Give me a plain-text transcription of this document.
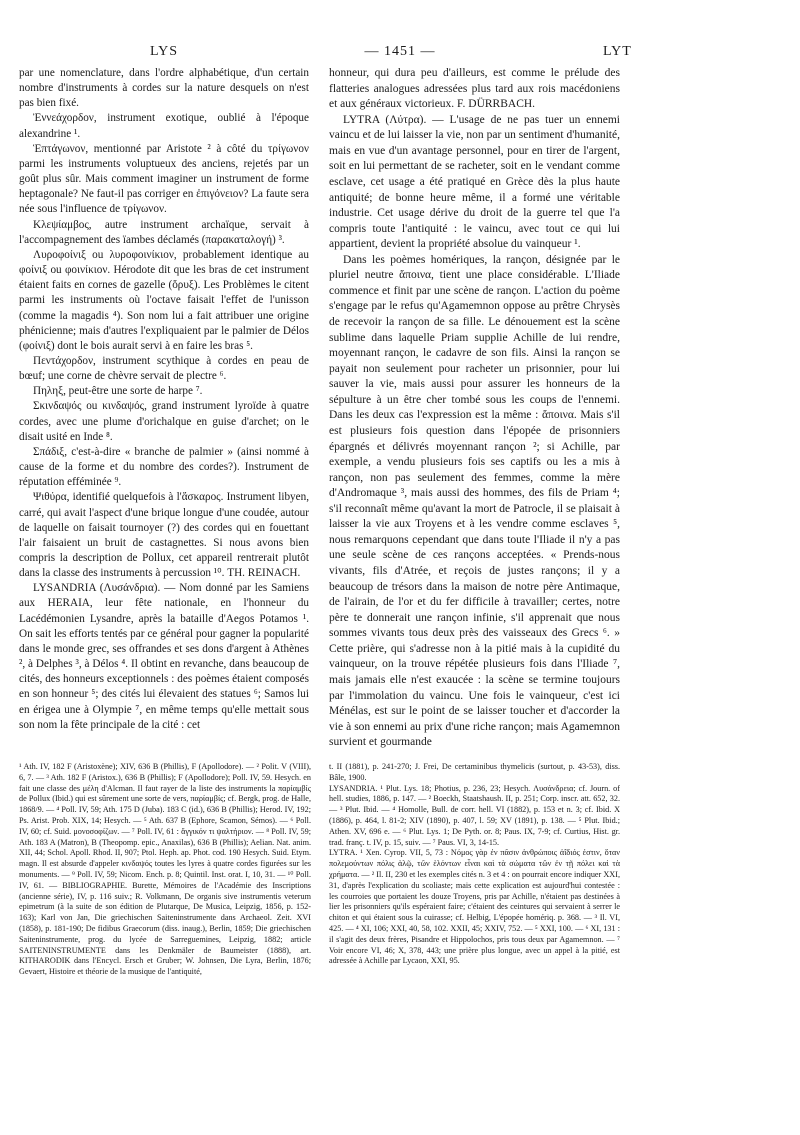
LYS	— 1451 —	LYT

par une nomenclature, dans l'ordre alphabétique, d'un certain nombre d'instruments à cordes sur la nature desquels on n'est pas bien fixé.

Ἐννεάχορδον, instrument exotique, oublié à l'époque alexandrine ¹.

Ἑπτάγωνον, mentionné par Aristote ² à côté du τρίγωνον parmi les instruments voluptueux des anciens, rejetés par un goût plus sûr. Mais comment imaginer un instrument de forme heptagonale? Ne faut-il pas corriger en ἐπιγόνειον? La faute sera née sous l'influence de τρίγωνον.

Κλεψίαμβος, autre instrument archaïque, servait à l'accompagnement des ïambes déclamés (παρακαταλογή) ³.

Λυροφοίνιξ ou λυροφοινίκιον, probablement identique au φοίνιξ ou φοινίκιον. Hérodote dit que les bras de cet instrument étaient faits en cornes de gazelle (ὄρυξ). Les Problèmes le citent parmi les instruments où l'octave faisait l'effet de l'unisson (comme la magadis ⁴). Son nom lui a fait attribuer une origine phénicienne; mais d'autres l'expliquaient par le palmier de Délos (φοίνιξ) dont le bois aurait servi à en faire les bras ⁵.

Πεντάχορδον, instrument scythique à cordes en peau de bœuf; une corne de chèvre servait de plectre ⁶.

Πηληξ, peut-être une sorte de harpe ⁷.

Σκινδαψός ou κινδαψός, grand instrument lyroïde à quatre cordes, avec une plume d'orichalque en guise d'archet; on le disait usité en Inde ⁸.

Σπάδιξ, c'est-à-dire « branche de palmier » (ainsi nommé à cause de la forme et du nombre des cordes?). Instrument de réputation efféminée ⁹.

Ψιθύρα, identifié quelquefois à l'ἄσκαρος. Instrument libyen, carré, qui avait l'aspect d'une brique longue d'une coudée, autour de laquelle on faisait tournoyer (?) des cordes qui en fouettant l'air faisaient un bruit de castagnettes. Si nous avons bien compris la description de Pollux, cet appareil rentrerait plutôt dans la classe des instruments à percussion ¹⁰. TH. REINACH.

LYSANDRIA (Λυσάνδρια). — Nom donné par les Samiens aux HERAIA, leur fête nationale, en l'honneur du Lacédémonien Lysandre, après la bataille d'Aegos Potamos ¹. On sait les efforts tentés par ce général pour gagner la popularité dans le monde grec, ses offrandes et ses dons d'argent à Athènes ², à Delphes ³, à Délos ⁴. Il obtint en revanche, dans beaucoup de cités, des honneurs exceptionnels : des poèmes étaient composés en son honneur ⁵; des cités lui élevaient des statues ⁶; Samos lui en érigea une à Olympie ⁷, en même temps qu'elle mettait sous son nom la fête principale de la cité : cet

honneur, qui dura peu d'ailleurs, est comme le prélude des flatteries analogues adressées plus tard aux rois macédoniens et aux généraux victorieux. F. DÜRRBACH.

LYTRA (Λύτρα). — L'usage de ne pas tuer un ennemi vaincu et de lui laisser la vie, non par un sentiment d'humanité, mais en vue d'un avantage personnel, pour en tirer de l'argent, soit en lui permettant de se racheter, soit en le vendant comme esclave, cet usage a été pratiqué en Grèce dès la plus haute antiquité; de bonne heure même, il a formé une véritable industrie. Cet usage dérive du droit de la guerre tel que l'a compris toute l'antiquité : le vaincu, avec tout ce qui lui appartient, devient la propriété absolue du vainqueur ¹.

Dans les poèmes homériques, la rançon, désignée par le pluriel neutre ἄποινα, tient une place considérable. L'Iliade commence et finit par une scène de rançon. L'action du poème s'engage par le refus qu'Agamemnon oppose au prêtre Chrysès de recevoir la rançon de sa fille. Le dénouement est la scène sublime dans laquelle Priam supplie Achille de lui rendre, moyennant rançon, le cadavre de son fils. Ainsi la rançon se payait non seulement pour racheter un prisonnier, pour lui sauver la vie, mais aussi pour assurer les honneurs de la sépulture à un être cher tombé sous les coups de l'ennemi. Dans les deux cas l'expression est la même : ἄποινα. Mais s'il est plusieurs fois question dans l'épopée de prisonniers épargnés et délivrés moyennant rançon ²; si Achille, par exemple, a vendu plusieurs fois ses captifs ou les a mis à rançon, non pas seulement des femmes, comme la mère d'Andromaque ³, mais aussi des hommes, des fils de Priam ⁴; s'il reconnaît même qu'avant la mort de Patrocle, il se plaisait à laisser la vie aux Troyens et à les vendre comme esclaves ⁵, nous remarquons cependant que dans toute l'Iliade il n'y a pas une seule scène de ces rançons acceptées. « Prends-nous vivants, fils d'Atrée, et reçois de justes rançons; il y a beaucoup de trésors dans la maison de notre père Antimaque, de l'airain, de l'or et du fer difficile à travailler; certes, notre père te donnerait une rançon infinie, s'il apprenait que nous sommes vivants tous deux près des vaisseaux des Grecs ⁶. » Cette prière, qui s'adresse non à la pitié mais à la cupidité du vainqueur, on la trouve répétée plusieurs fois dans l'Iliade ⁷, mais jamais elle n'est exaucée : la scène se termine toujours par l'immolation du vaincu. Une fois le vainqueur, c'est ici Ménélas, est sur le point de se laisser toucher et d'accorder la vie à son ennemi au prix d'une riche rançon; mais Agamemnon survient et gourmande

¹ Ath. IV, 182 F (Aristoxène); XIV, 636 B (Phillis), F (Apollodore). — ² Polit. V (VIII), 6, 7. — ³ Ath. 182 F (Aristox.), 636 B (Phillis); F (Apollodore); Poll. IV, 59. Hesych. en fait une classe des μέλη d'Alcman. Il faut rayer de la liste des instruments la παρίαμβίς de Pollux (Ibid.) qui est sûrement une sorte de vers, παρίαμβίς; cf. Bergk, prog. de Halle, 1868/9. — ⁴ Poll. IV, 59; Ath. 175 D (Juba). 183 C (id.), 636 B (Phillis); Herod. IV, 192; Ps. Arist. Prob. XIX, 14; Hesych. — ⁵ Ath. 637 B (Ephore, Scamon, Sémos). — ⁶ Poll. IV, 60; cf. Suid. μονοσοφίζων. — ⁷ Poll. IV, 61 : ἄγγικόν τι ψαλτήριον. — ⁸ Poll. IV, 59; Ath. 183 A (Matron), B (Theopomp. epic., Anaxilas), 636 B (Phillis); Aelian. Nat. anim. XII, 44; Schol. Apoll. Rhod. II, 907; Ptol. Heph. ap. Phot. cod. 190 Hesych. Suid. Etym. magn. Il est absurde d'appeler κινδαψός toutes les lyres à quatre cordes figurées sur les monuments. — ⁹ Poll. IV, 59; Nicom. Ench. p. 8; Quintil. Inst. orat. I, 10, 31. — ¹⁰ Poll. IV, 61. — BIBLIOGRAPHIE. Burette, Mémoires de l'Académie des Inscriptions (ancienne série), IV, p. 116 suiv.; R. Volkmann, De organis sive instrumentis veterum epimetrum (à la suite de son édition de Plutarque, De Musica, Leipzig, 1856, p. 152-163); Karl von Jan, Die griechischen Saiteninstrumente dans Archaeol. Zeit. XVI (1858), p. 181-190; De fidibus Graecorum (diss. inaug.), Berlin, 1859; Die griechischen Saiteninstrumente, prog. du lycée de Sarreguemines, Leipzig, 1882; article SAITENINSTRUMENTE dans les Denkmäler de Baumeister (1888), art. KITHARODIK dans l'Encycl. Ersch et Gruber; W. Johnsen, Die Lyra, Berlin, 1876; Gevaert, Histoire et théorie de la musique de l'antiquité,

t. II (1881), p. 241-270; J. Frei, De certaminibus thymelicis (surtout, p. 43-53), diss. Bâle, 1900.
LYSANDRIA. ¹ Plut. Lys. 18; Photius, p. 236, 23; Hesych. Λυσάνδρεια; cf. Journ. of hell. studies, 1886, p. 147. — ² Boeckh, Staatshaush. II, p. 251; Corp. inscr. att. 652, 32. — ³ Plut. Ibid. — ⁴ Homolle, Bull. de corr. hell. VI (1882), p. 153 et n. 3; cf. Ibid. X (1886), p. 464, l. 81-2; XIV (1890), p. 407, l. 59; XV (1891), p. 138. — ⁵ Plut. Ibid.; Athen. XV, 696 e. — ⁶ Plut. Lys. 1; De Pyth. or. 8; Paus. IX, 7-9; cf. Curtius, Hist. gr. trad. franç. t. IV, p. 15, suiv. — ⁷ Paus. VI, 3, 14-15.
LYTRA. ¹ Xen. Cyrop. VII, 5, 73 : Νόμος γὰρ ἐν πᾶσιν ἀνθρώποις ἀΐδιός ἐστιν, ὅταν πολεμούντων πόλις ἁλῷ, τῶν ἑλόντων εἶναι καὶ τὰ σώματα τῶν ἐν τῇ πόλει καὶ τὰ χρήματα. — ² Il. II, 230 et les exemples cités n. 3 et 4 : on pourrait encore indiquer XXI, 31, d'après l'explication du scoliaste; mais cette explication est aujourd'hui contestée : les courroies que portaient les douze Troyens, pris par Achille, n'étaient pas destinées à lier les prisonniers qu'ils espéraient faire; c'étaient des ceintures qui servaient à serrer le chiton et qui étaient sous la cuirasse; cf. Helbig, L'épopée homériq. p. 368. — ³ Il. VI, 425. — ⁴ XI, 106; XXI, 40, 58, 102. XXII, 45; XXIV, 752. — ⁵ XXI, 100. — ⁶ XI, 131 : il s'agit des deux frères, Pisandre et Hippolochos, pris tous deux par Agamemnon. — ⁷ Voir encore VI, 46; X, 378, 443; une prière plus longue, avec un appel à la pitié, est adressée à Achille par Lycaon, XXI, 95.
